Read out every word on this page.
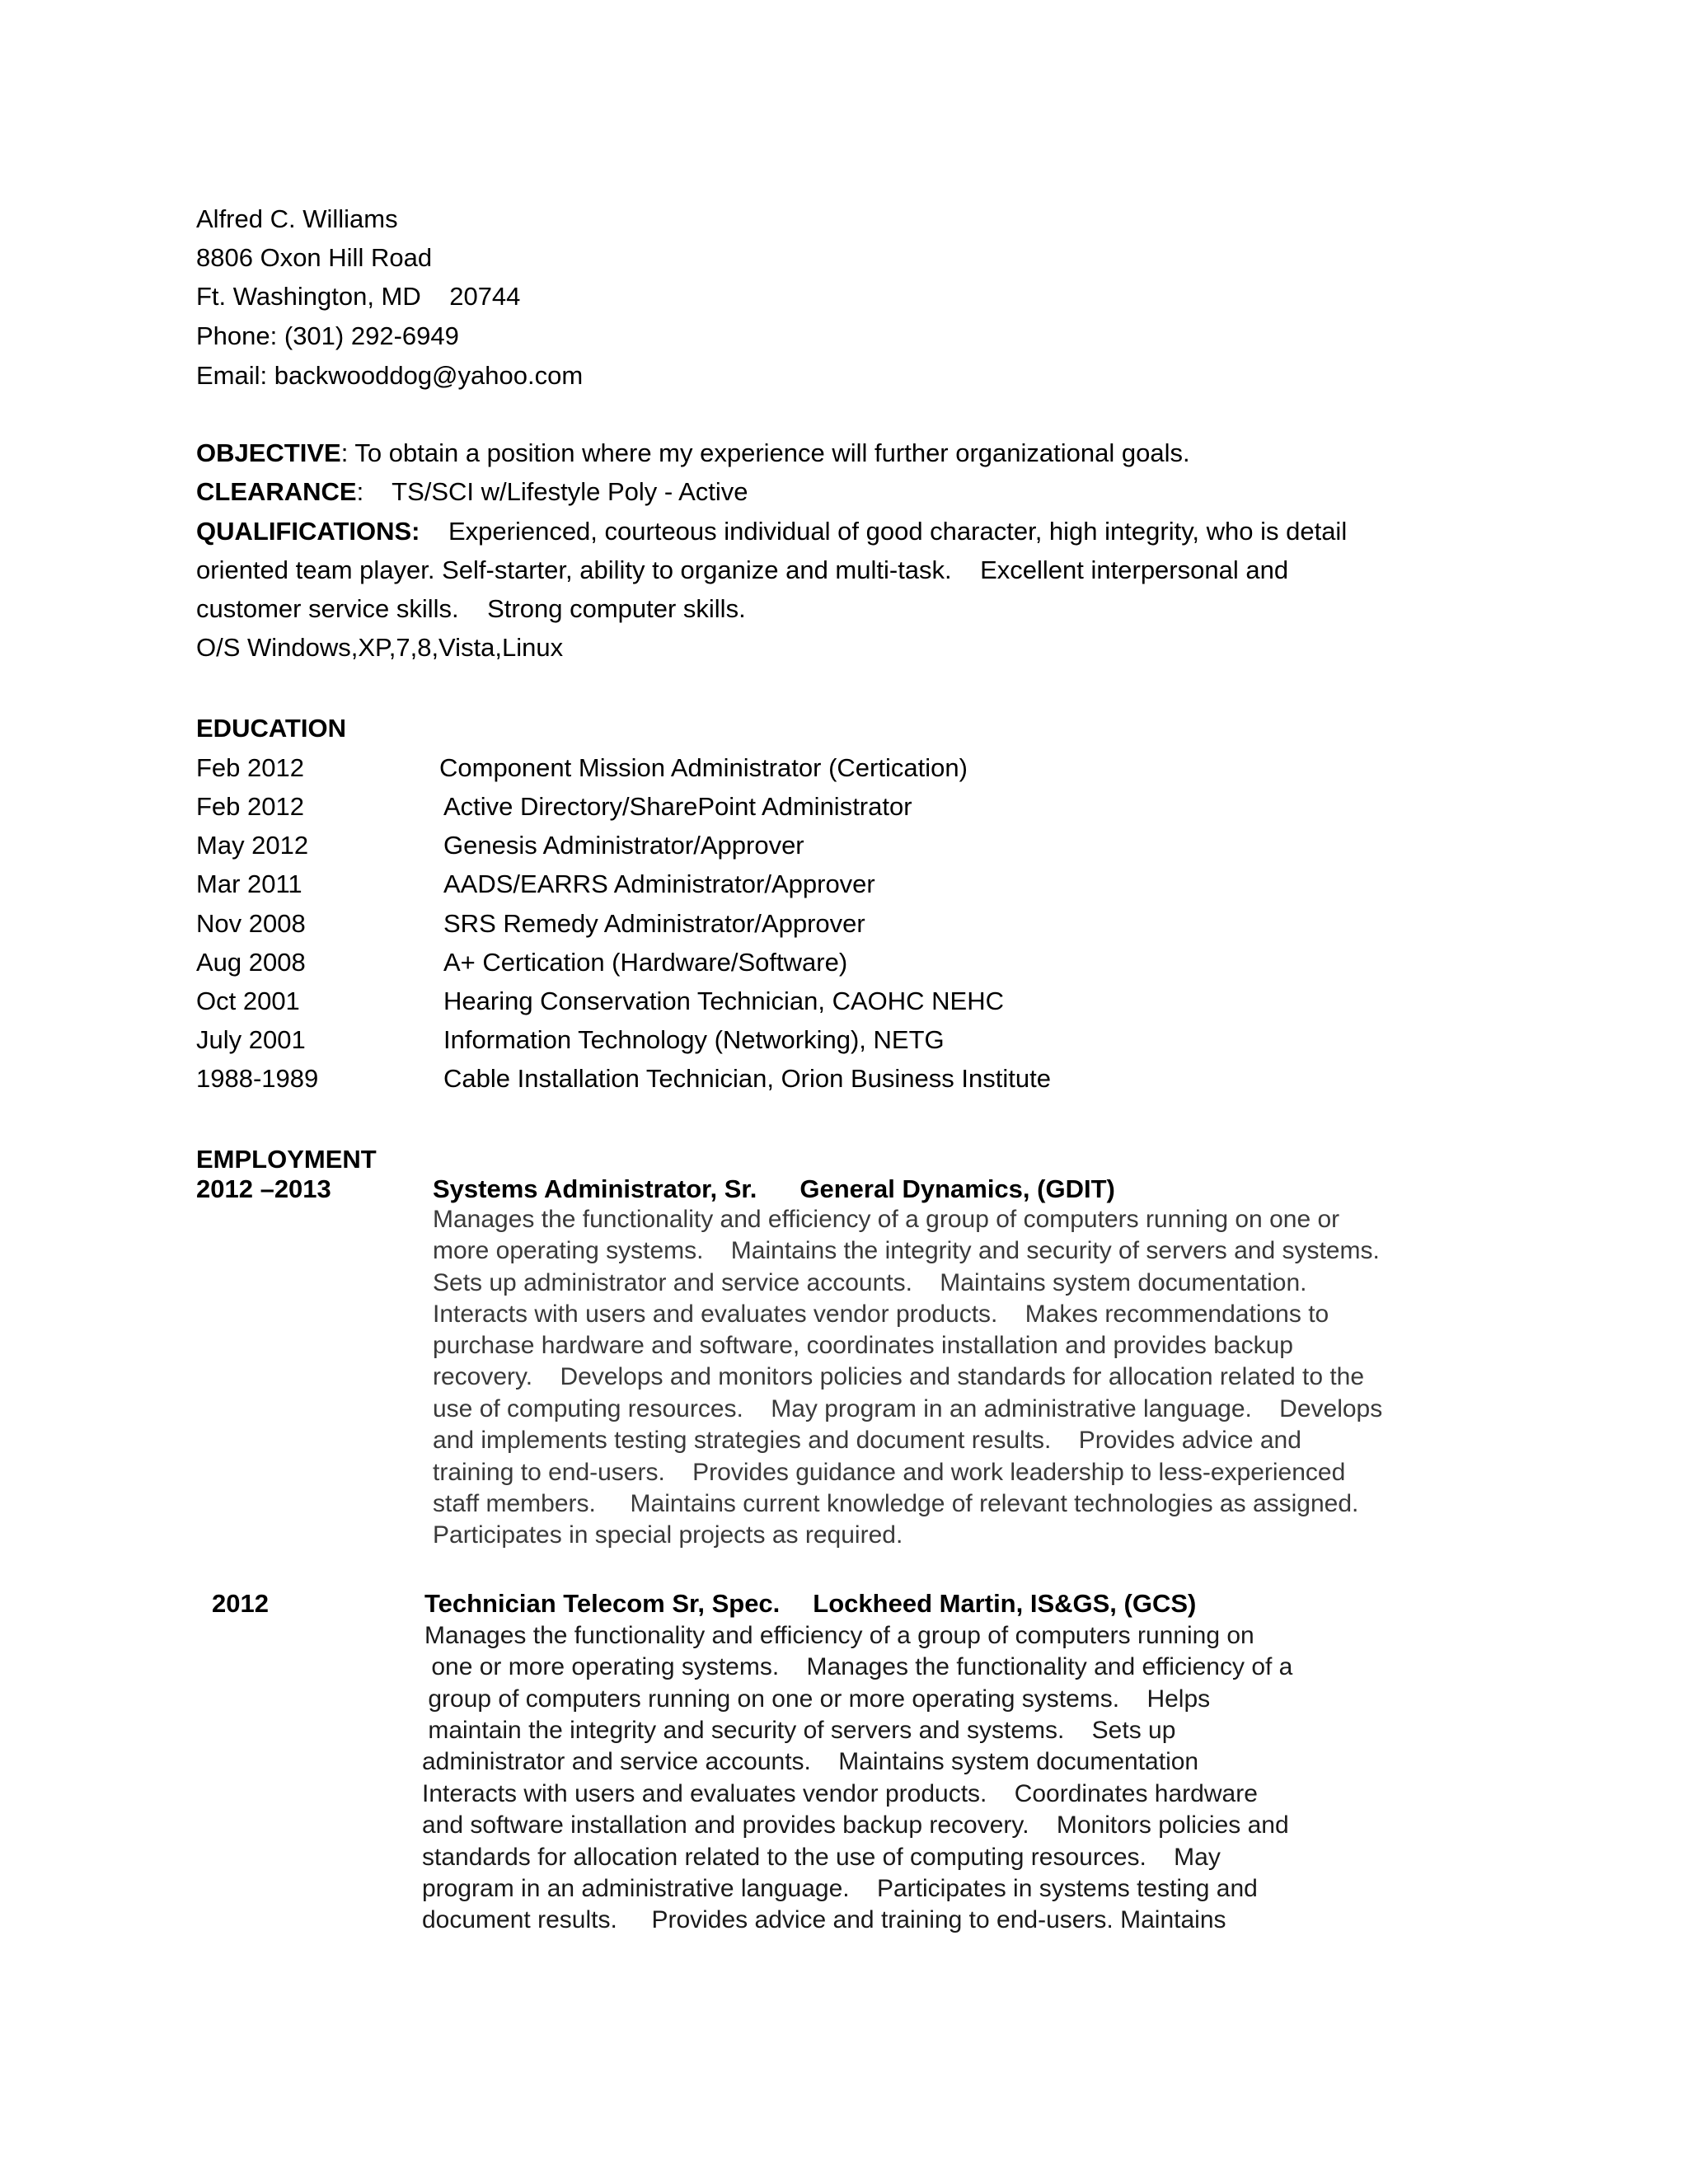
Alfred C. Williams
8806 Oxon Hill Road
Ft. Washington, MD    20744
Phone: (301) 292-6949
Email: backwooddog@yahoo.com
OBJECTIVE: To obtain a position where my experience will further organizational goals.
CLEARANCE:    TS/SCI w/Lifestyle Poly - Active
QUALIFICATIONS:    Experienced, courteous individual of good character, high integrity, who is detail
oriented team player. Self-starter, ability to organize and multi-task.    Excellent interpersonal and
customer service skills.    Strong computer skills.
O/S Windows,XP,7,8,Vista,Linux
EDUCATION
Feb 2012	Component Mission Administrator (Certication)
Feb 2012	Active Directory/SharePoint Administrator
May 2012	Genesis Administrator/Approver
Mar 2011	AADS/EARRS Administrator/Approver
Nov 2008	SRS Remedy Administrator/Approver
Aug 2008	A+ Certication (Hardware/Software)
Oct 2001	Hearing Conservation Technician, CAOHC NEHC
July 2001	Information Technology (Networking), NETG
1988-1989	Cable Installation Technician, Orion Business Institute
EMPLOYMENT
2012 –2013	Systems Administrator, Sr. General Dynamics, (GDIT)
Manages the functionality and efficiency of a group of computers running on one or
more operating systems.    Maintains the integrity and security of servers and systems.
Sets up administrator and service accounts.    Maintains system documentation.
Interacts with users and evaluates vendor products.    Makes recommendations to
purchase hardware and software, coordinates installation and provides backup
recovery.    Develops and monitors policies and standards for allocation related to the
use of computing resources.    May program in an administrative language.    Develops
and implements testing strategies and document results.    Provides advice and
training to end-users.    Provides guidance and work leadership to less-experienced
staff members.     Maintains current knowledge of relevant technologies as assigned.
Participates in special projects as required.
2012	Technician Telecom Sr, Spec. Lockheed Martin, IS&GS, (GCS)
Manages the functionality and efficiency of a group of computers running on
one or more operating systems.    Manages the functionality and efficiency of a
group of computers running on one or more operating systems.    Helps
maintain the integrity and security of servers and systems.    Sets up
administrator and service accounts.    Maintains system documentation
Interacts with users and evaluates vendor products.    Coordinates hardware
and software installation and provides backup recovery.    Monitors policies and
standards for allocation related to the use of computing resources.    May
program in an administrative language.    Participates in systems testing and
document results.     Provides advice and training to end-users. Maintains
